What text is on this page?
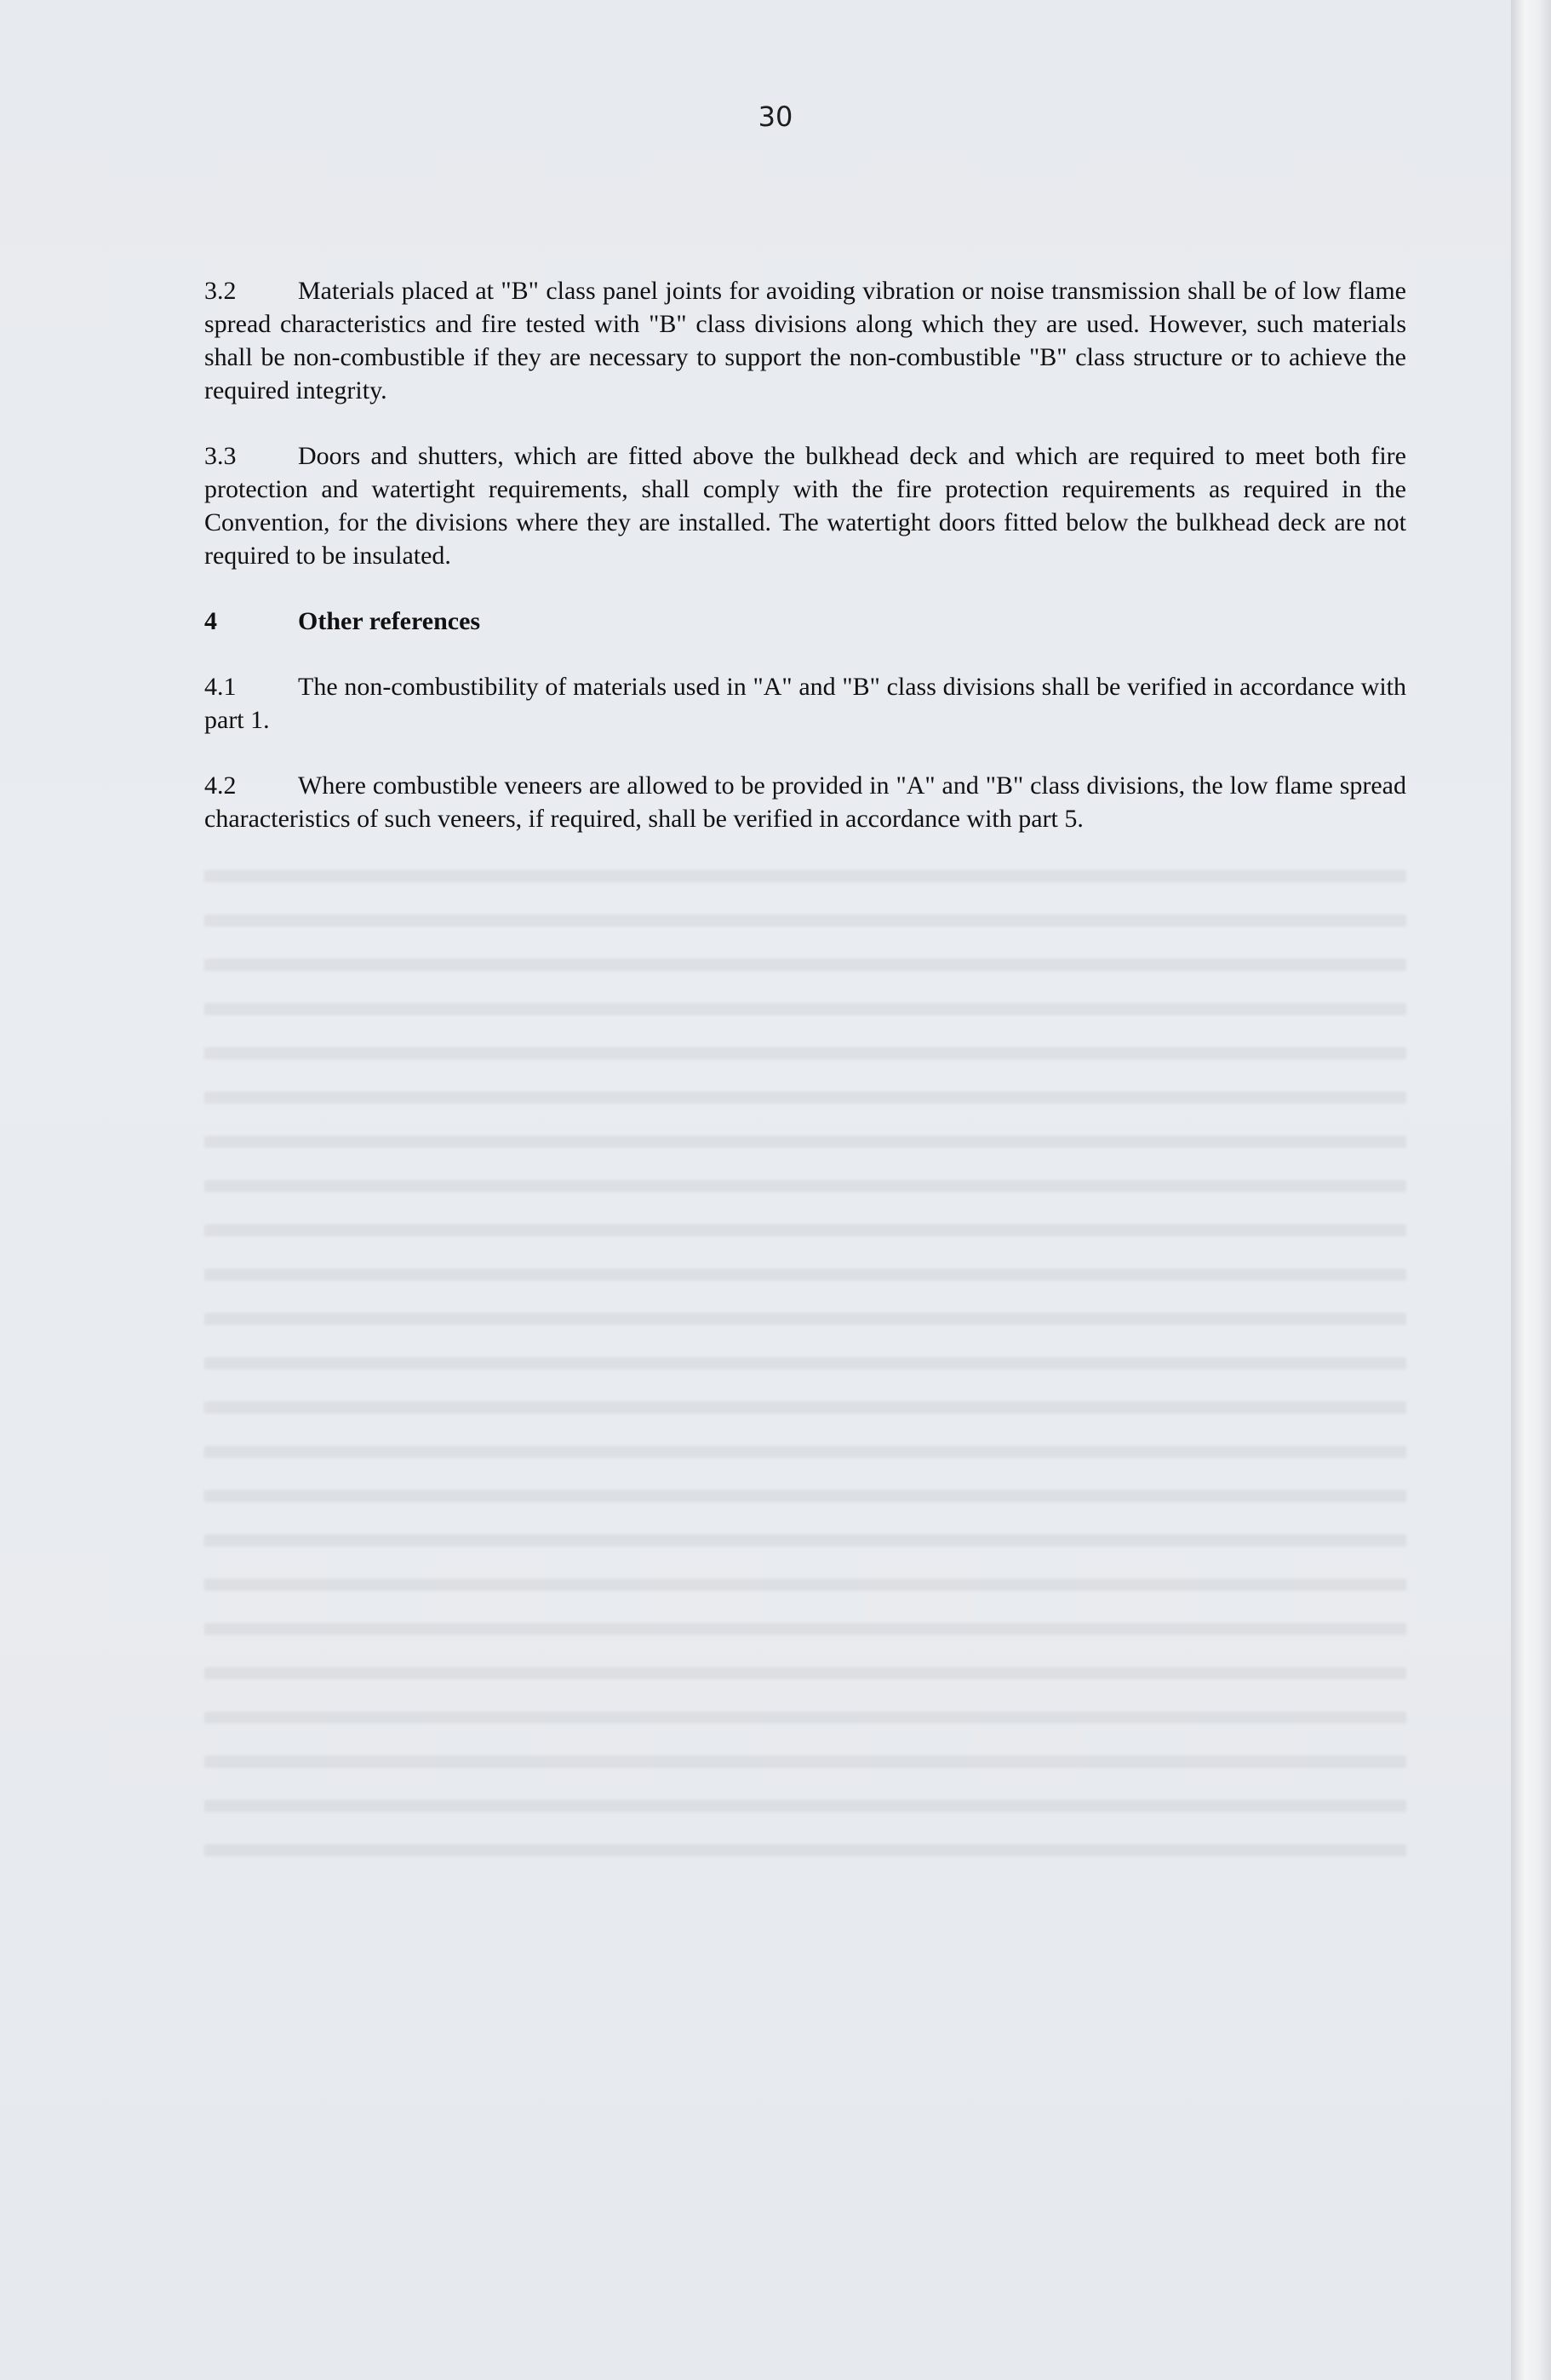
30

3.2 Materials placed at "B" class panel joints for avoiding vibration or noise transmission shall be of low flame spread characteristics and fire tested with "B" class divisions along which they are used. However, such materials shall be non-combustible if they are necessary to support the non-combustible "B" class structure or to achieve the required integrity.

3.3 Doors and shutters, which are fitted above the bulkhead deck and which are required to meet both fire protection and watertight requirements, shall comply with the fire protection requirements as required in the Convention, for the divisions where they are installed. The watertight doors fitted below the bulkhead deck are not required to be insulated.

4	Other references

4.1 The non-combustibility of materials used in "A" and "B" class divisions shall be verified in accordance with part 1.

4.2 Where combustible veneers are allowed to be provided in "A" and "B" class divisions, the low flame spread characteristics of such veneers, if required, shall be verified in accordance with part 5.
